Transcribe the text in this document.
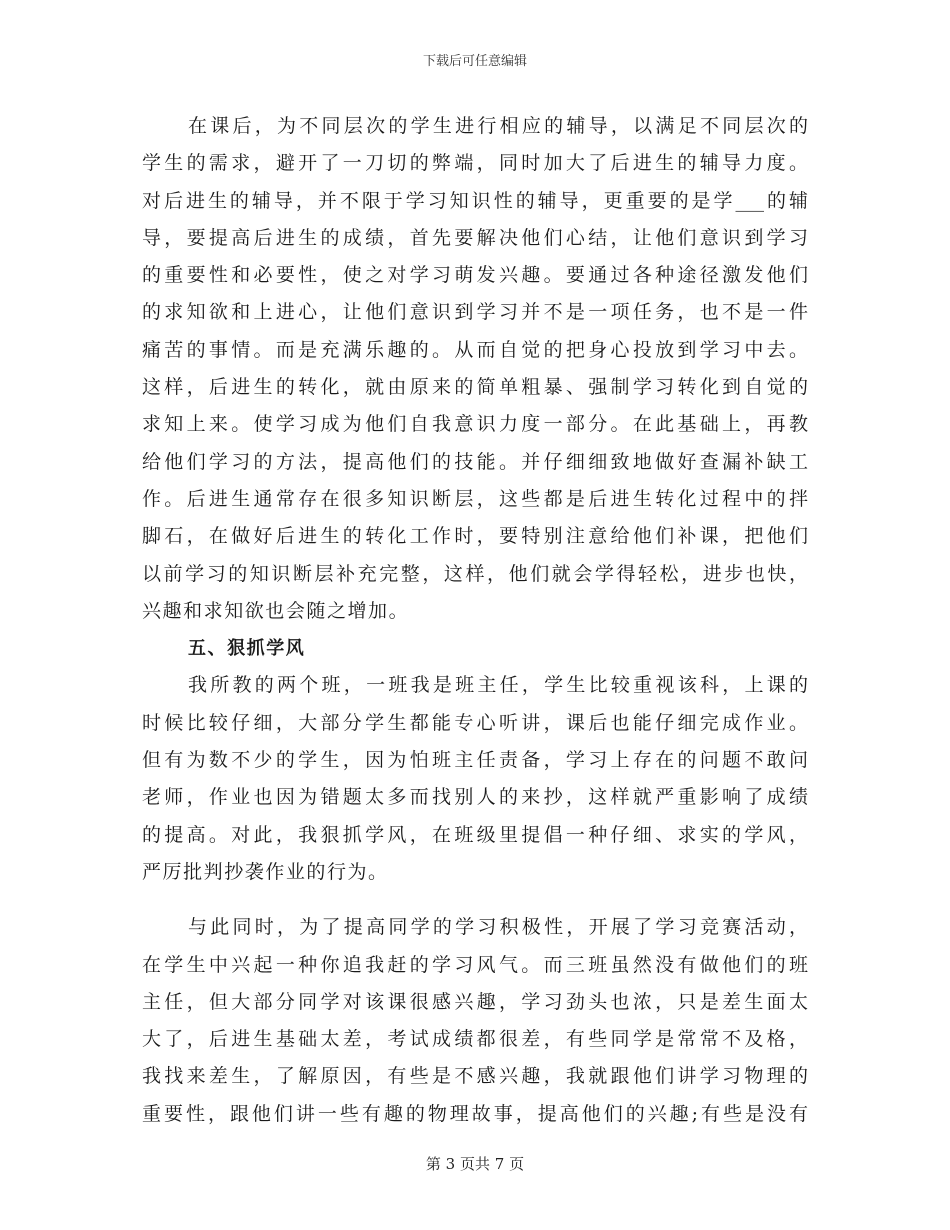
下载后可任意编辑
在课后，为不同层次的学生进行相应的辅导，以满足不同层次的
学生的需求，避开了一刀切的弊端，同时加大了后进生的辅导力度。
对后进生的辅导，并不限于学习知识性的辅导，更重要的是学___的辅
导，要提高后进生的成绩，首先要解决他们心结，让他们意识到学习
的重要性和必要性，使之对学习萌发兴趣。要通过各种途径激发他们
的求知欲和上进心，让他们意识到学习并不是一项任务，也不是一件
痛苦的事情。而是充满乐趣的。从而自觉的把身心投放到学习中去。
这样，后进生的转化，就由原来的简单粗暴、强制学习转化到自觉的
求知上来。使学习成为他们自我意识力度一部分。在此基础上，再教
给他们学习的方法，提高他们的技能。并仔细细致地做好查漏补缺工
作。后进生通常存在很多知识断层，这些都是后进生转化过程中的拌
脚石，在做好后进生的转化工作时，要特别注意给他们补课，把他们
以前学习的知识断层补充完整，这样，他们就会学得轻松，进步也快，
兴趣和求知欲也会随之增加。
五、狠抓学风
我所教的两个班，一班我是班主任，学生比较重视该科，上课的
时候比较仔细，大部分学生都能专心听讲，课后也能仔细完成作业。
但有为数不少的学生，因为怕班主任责备，学习上存在的问题不敢问
老师，作业也因为错题太多而找别人的来抄，这样就严重影响了成绩
的提高。对此，我狠抓学风，在班级里提倡一种仔细、求实的学风，
严厉批判抄袭作业的行为。
与此同时，为了提高同学的学习积极性，开展了学习竞赛活动，
在学生中兴起一种你追我赶的学习风气。而三班虽然没有做他们的班
主任，但大部分同学对该课很感兴趣，学习劲头也浓，只是差生面太
大了，后进生基础太差，考试成绩都很差，有些同学是常常不及格，
我找来差生，了解原因，有些是不感兴趣，我就跟他们讲学习物理的
重要性，跟他们讲一些有趣的物理故事，提高他们的兴趣;有些是没有
第 3 页共 7 页
